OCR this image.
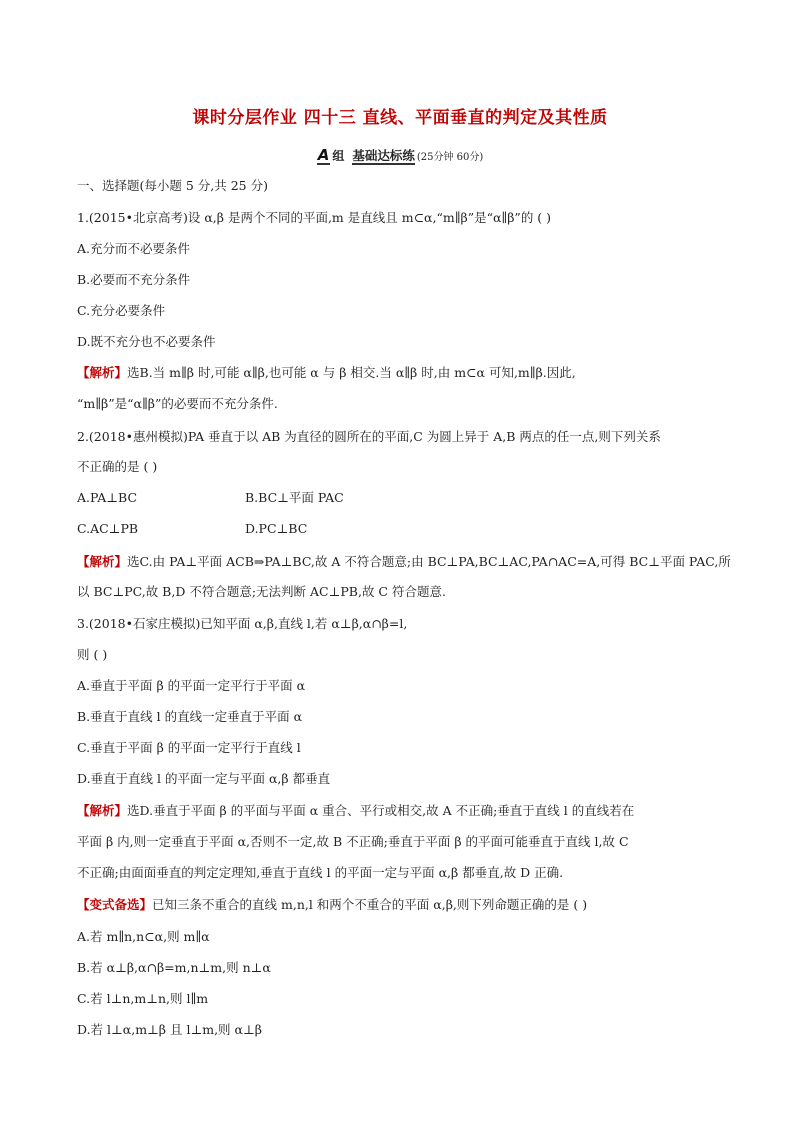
课时分层作业 四十三 直线、平面垂直的判定及其性质
A 组 基础达标练 (25分钟 60分)
一、选择题(每小题 5 分,共 25 分)
1.(2015•北京高考)设 α,β 是两个不同的平面,m 是直线且 m⊂α,“m∥β”是“α∥β”的 ( )
A.充分而不必要条件
B.必要而不充分条件
C.充分必要条件
D.既不充分也不必要条件
【解析】选B.当 m∥β 时,可能 α∥β,也可能 α 与 β 相交.当 α∥β 时,由 m⊂α 可知,m∥β.因此,
“m∥β”是“α∥β”的必要而不充分条件.
2.(2018•惠州模拟)PA 垂直于以 AB 为直径的圆所在的平面,C 为圆上异于 A,B 两点的任一点,则下列关系
不正确的是 ( )
A.PA⊥BC	B.BC⊥平面 PAC
C.AC⊥PB	D.PC⊥BC
【解析】选C.由 PA⊥平面 ACB⇒PA⊥BC,故 A 不符合题意;由 BC⊥PA,BC⊥AC,PA∩AC=A,可得 BC⊥平面 PAC,所
以 BC⊥PC,故 B,D 不符合题意;无法判断 AC⊥PB,故 C 符合题意.
3.(2018•石家庄模拟)已知平面 α,β,直线 l,若 α⊥β,α∩β=l,
则 ( )
A.垂直于平面 β 的平面一定平行于平面 α
B.垂直于直线 l 的直线一定垂直于平面 α
C.垂直于平面 β 的平面一定平行于直线 l
D.垂直于直线 l 的平面一定与平面 α,β 都垂直
【解析】选D.垂直于平面 β 的平面与平面 α 重合、平行或相交,故 A 不正确;垂直于直线 l 的直线若在
平面 β 内,则一定垂直于平面 α,否则不一定,故 B 不正确;垂直于平面 β 的平面可能垂直于直线 l,故 C
不正确;由面面垂直的判定定理知,垂直于直线 l 的平面一定与平面 α,β 都垂直,故 D 正确.
【变式备选】已知三条不重合的直线 m,n,l 和两个不重合的平面 α,β,则下列命题正确的是 ( )
A.若 m∥n,n⊂α,则 m∥α
B.若 α⊥β,α∩β=m,n⊥m,则 n⊥α
C.若 l⊥n,m⊥n,则 l∥m
D.若 l⊥α,m⊥β 且 l⊥m,则 α⊥β
